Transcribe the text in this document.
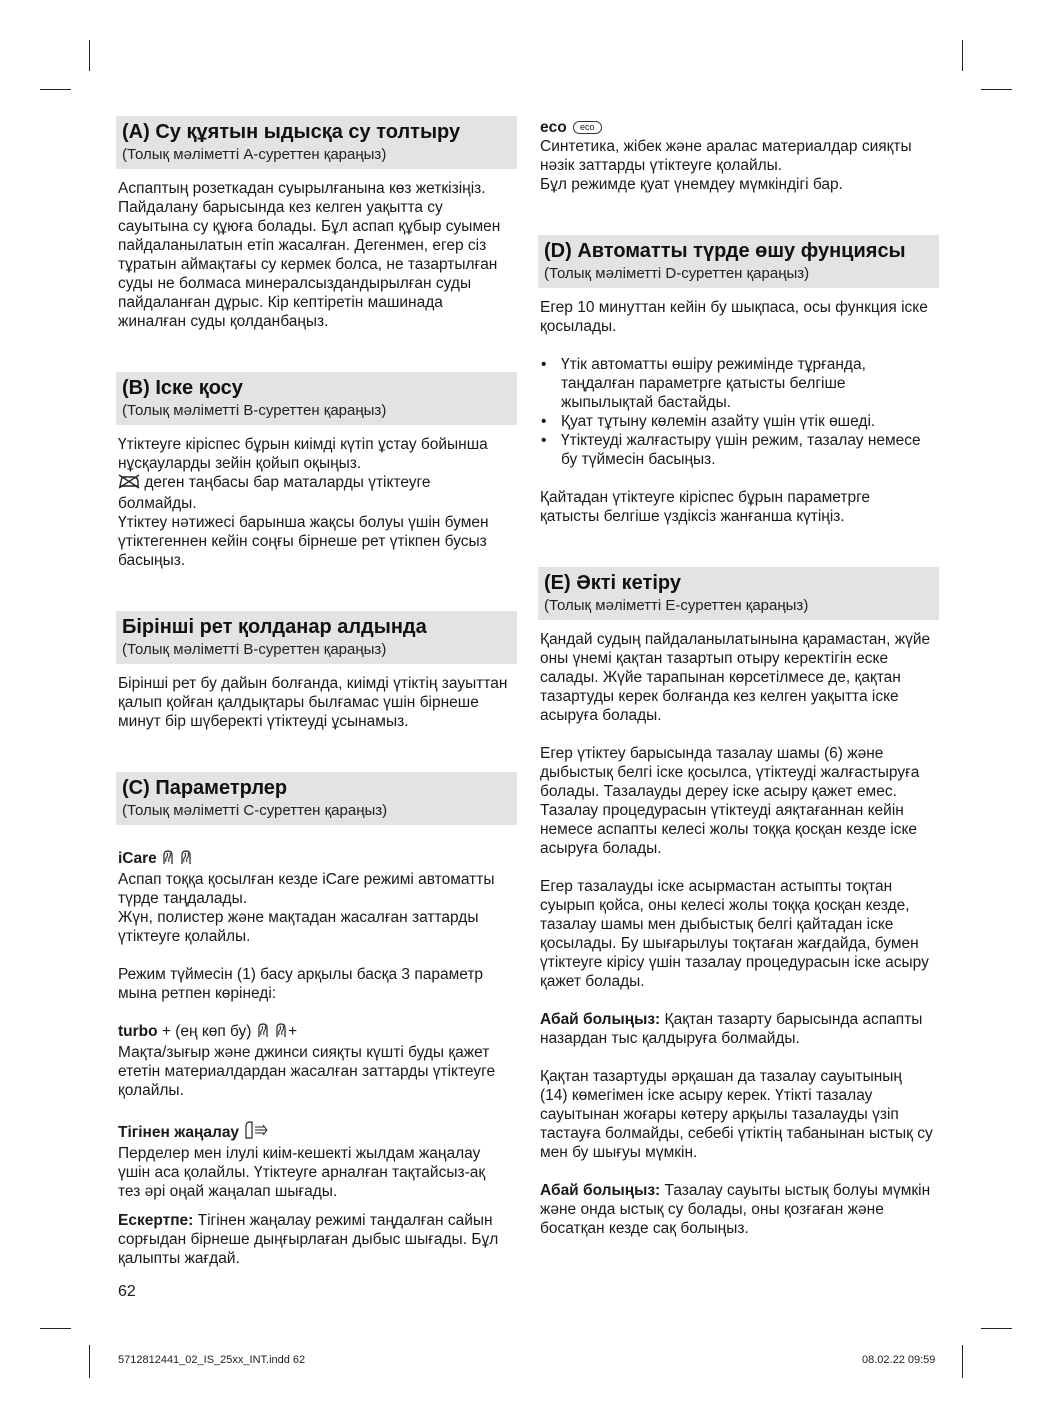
(A) Су құятын ыдысқа су толтыру
(Толық мәліметті А-суреттен қараңыз)

Аспаптың розеткадан суырылғанына көз жеткізіңіз. Пайдалану барысында кез келген уақытта су сауытына су құюға болады. Бұл аспап құбыр суымен пайдаланылатын етіп жасалған. Дегенмен, егер сіз тұратын аймақтағы су кермек болса, не тазартылған суды не болмаса минералсыздандырылған суды пайдаланған дұрыс. Кір кептіретін машинада жиналған суды қолданбаңыз.

(B) Іске қосу
(Толық мәліметті В-суреттен қараңыз)

Үтіктеуге кіріспес бұрын киімді күтіп ұстау бойынша нұсқауларды зейін қойып оқыңыз.

деген таңбасы бар маталарды үтіктеуге болмайды.

Үтіктеу нәтижесі барынша жақсы болуы үшін бумен үтіктегеннен кейін соңғы бірнеше рет үтікпен бусыз басыңыз.

Бірінші рет қолданар алдында
(Толық мәліметті В-суреттен қараңыз)

Бірінші рет бу дайын болғанда, киімді үтіктің зауыттан қалып қойған қалдықтары былғамас үшін бірнеше минут бір шүберекті үтіктеуді ұсынамыз.

(C) Параметрлер
(Толық мәліметті С-суреттен қараңыз)

iCare

Аспап тоққа қосылған кезде iCare режимі автоматты түрде таңдалады.

Жүн, полистер және мақтадан жасалған заттарды үтіктеуге қолайлы.

Режим түймесін (1) басу арқылы басқа 3 параметр мына ретпен көрінеді:

turbo + (ең көп бу)  +

Мақта/зығыр және джинси сияқты күшті буды қажет ететін материалдардан жасалған заттарды үтіктеуге қолайлы.

Тігінен жаңалау

Перделер мен ілулі киім-кешекті жылдам жаңалау үшін аса қолайлы. Үтіктеуге арналған тақтайсыз-ақ тез әрі оңай жаңалап шығады.

Ескертпе: Тігінен жаңалау режимі таңдалған сайын сорғыдан бірнеше дыңғырлаған дыбыс шығады. Бұл қалыпты жағдай.

eco eco

Синтетика, жібек және аралас материалдар сияқты нәзік заттарды үтіктеуге қолайлы.

Бұл режимде қуат үнемдеу мүмкіндігі бар.

(D) Автоматты түрде өшу фунциясы
(Толық мәліметті D-суреттен қараңыз)

Егер 10 минуттан кейін бу шықпаса, осы функция іске қосылады.

• Үтік автоматты өшіру режимінде тұрғанда, таңдалған параметрге қатысты белгіше жыпылықтай бастайды.
• Қуат тұтыну көлемін азайту үшін үтік өшеді.
• Үтіктеуді жалғастыру үшін режим, тазалау немесе бу түймесін басыңыз.

Қайтадан үтіктеуге кіріспес бұрын параметрге қатысты белгіше үздіксіз жанғанша күтіңіз.

(E) Әкті кетіру
(Толық мәліметті Е-суреттен қараңыз)

Қандай судың пайдаланылатынына қарамастан, жүйе оны үнемі қақтан тазартып отыру керектігін еске салады. Жүйе тарапынан көрсетілмесе де, қақтан тазартуды керек болғанда кез келген уақытта іске асыруға болады.

Егер үтіктеу барысында тазалау шамы (6) және дыбыстық белгі іске қосылса, үтіктеуді жалғастыруға болады. Тазалауды дереу іске асыру қажет емес. Тазалау процедурасын үтіктеуді аяқтағаннан кейін немесе аспапты келесі жолы тоққа қосқан кезде іске асыруға болады.

Егер тазалауды іске асырмастан астыпты тоқтан суырып қойса, оны келесі жолы тоққа қосқан кезде, тазалау шамы мен дыбыстық белгі қайтадан іске қосылады. Бу шығарылуы тоқтаған жағдайда, бумен үтіктеуге кірісу үшін тазалау процедурасын іске асыру қажет болады.

Абай болыңыз: Қақтан тазарту барысында аспапты назардан тыс қалдыруға болмайды.

Қақтан тазартуды әрқашан да тазалау сауытының (14) көмегімен іске асыру керек. Үтікті тазалау сауытынан жоғары көтеру арқылы тазалауды үзіп тастауға болмайды, себебі үтіктің табанынан ыстық су мен бу шығуы мүмкін.

Абай болыңыз: Тазалау сауыты ыстық болуы мүмкін және онда ыстық су болады, оны қозғаған және босатқан кезде сақ болыңыз.

62
5712812441_02_IS_25xx_INT.indd 62	08.02.22 09:59
